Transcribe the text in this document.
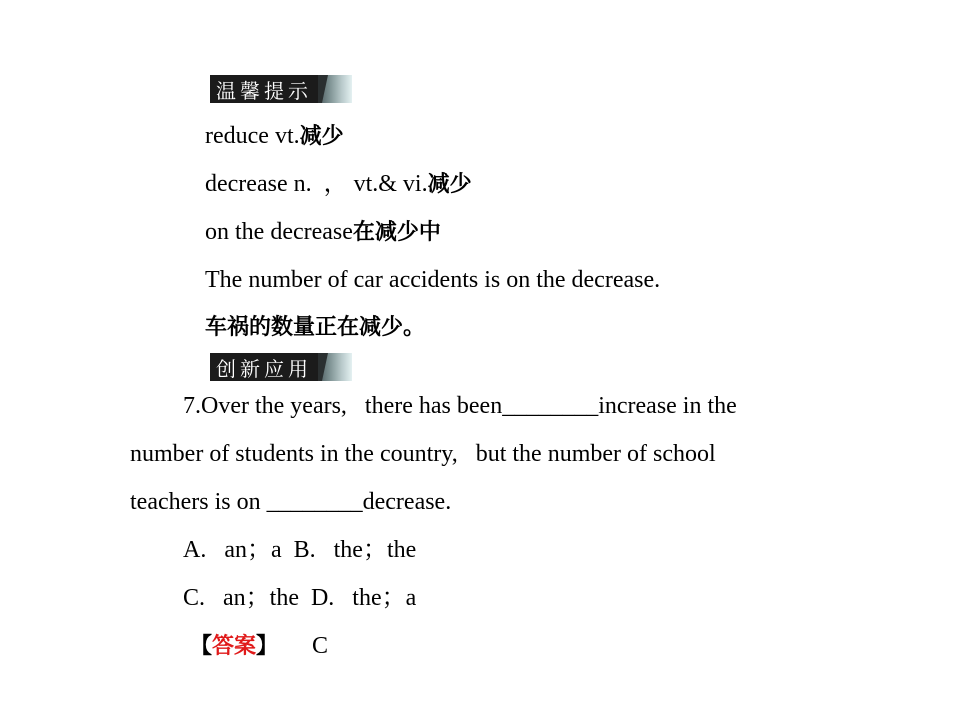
温馨提示
reduce vt.减少
decrease n.  ， vt.& vi.减少
on the decrease在减少中
The number of car accidents is on the decrease.
车祸的数量正在减少。
创新应用
7.Over the years,   there has been________increase in the
number of students in the country,   but the number of school
teachers is on ________decrease.
A.   an；a  B.   the；the
C.   an；the  D.   the；a
【答案】 C
